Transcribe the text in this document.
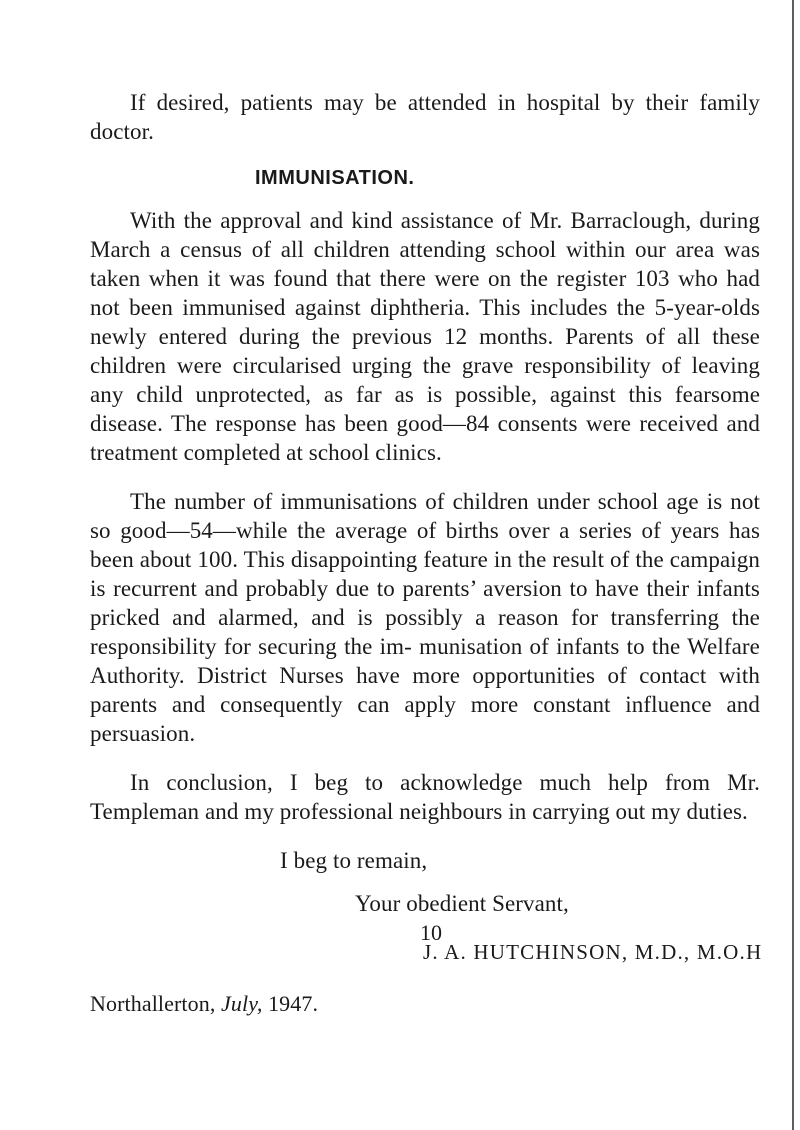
If desired, patients may be attended in hospital by their family doctor.

IMMUNISATION.

With the approval and kind assistance of Mr. Barraclough, during March a census of all children attending school within our area was taken when it was found that there were on the register 103 who had not been immunised against diphtheria. This includes the 5-year-olds newly entered during the previous 12 months. Parents of all these children were circularised urging the grave responsibility of leaving any child unprotected, as far as is possible, against this fearsome disease. The response has been good—84 consents were received and treatment completed at school clinics.

The number of immunisations of children under school age is not so good—54—while the average of births over a series of years has been about 100. This disappointing feature in the result of the campaign is recurrent and probably due to parents’ aversion to have their infants pricked and alarmed, and is possibly a reason for transferring the responsibility for securing the im- munisation of infants to the Welfare Authority. District Nurses have more opportunities of contact with parents and consequently can apply more constant influence and persuasion.

In conclusion, I beg to acknowledge much help from Mr. Templeman and my professional neighbours in carrying out my duties.

I beg to remain,

Your obedient Servant,

J. A. HUTCHINSON, M.D., M.O.H

Northallerton, July, 1947.

10
